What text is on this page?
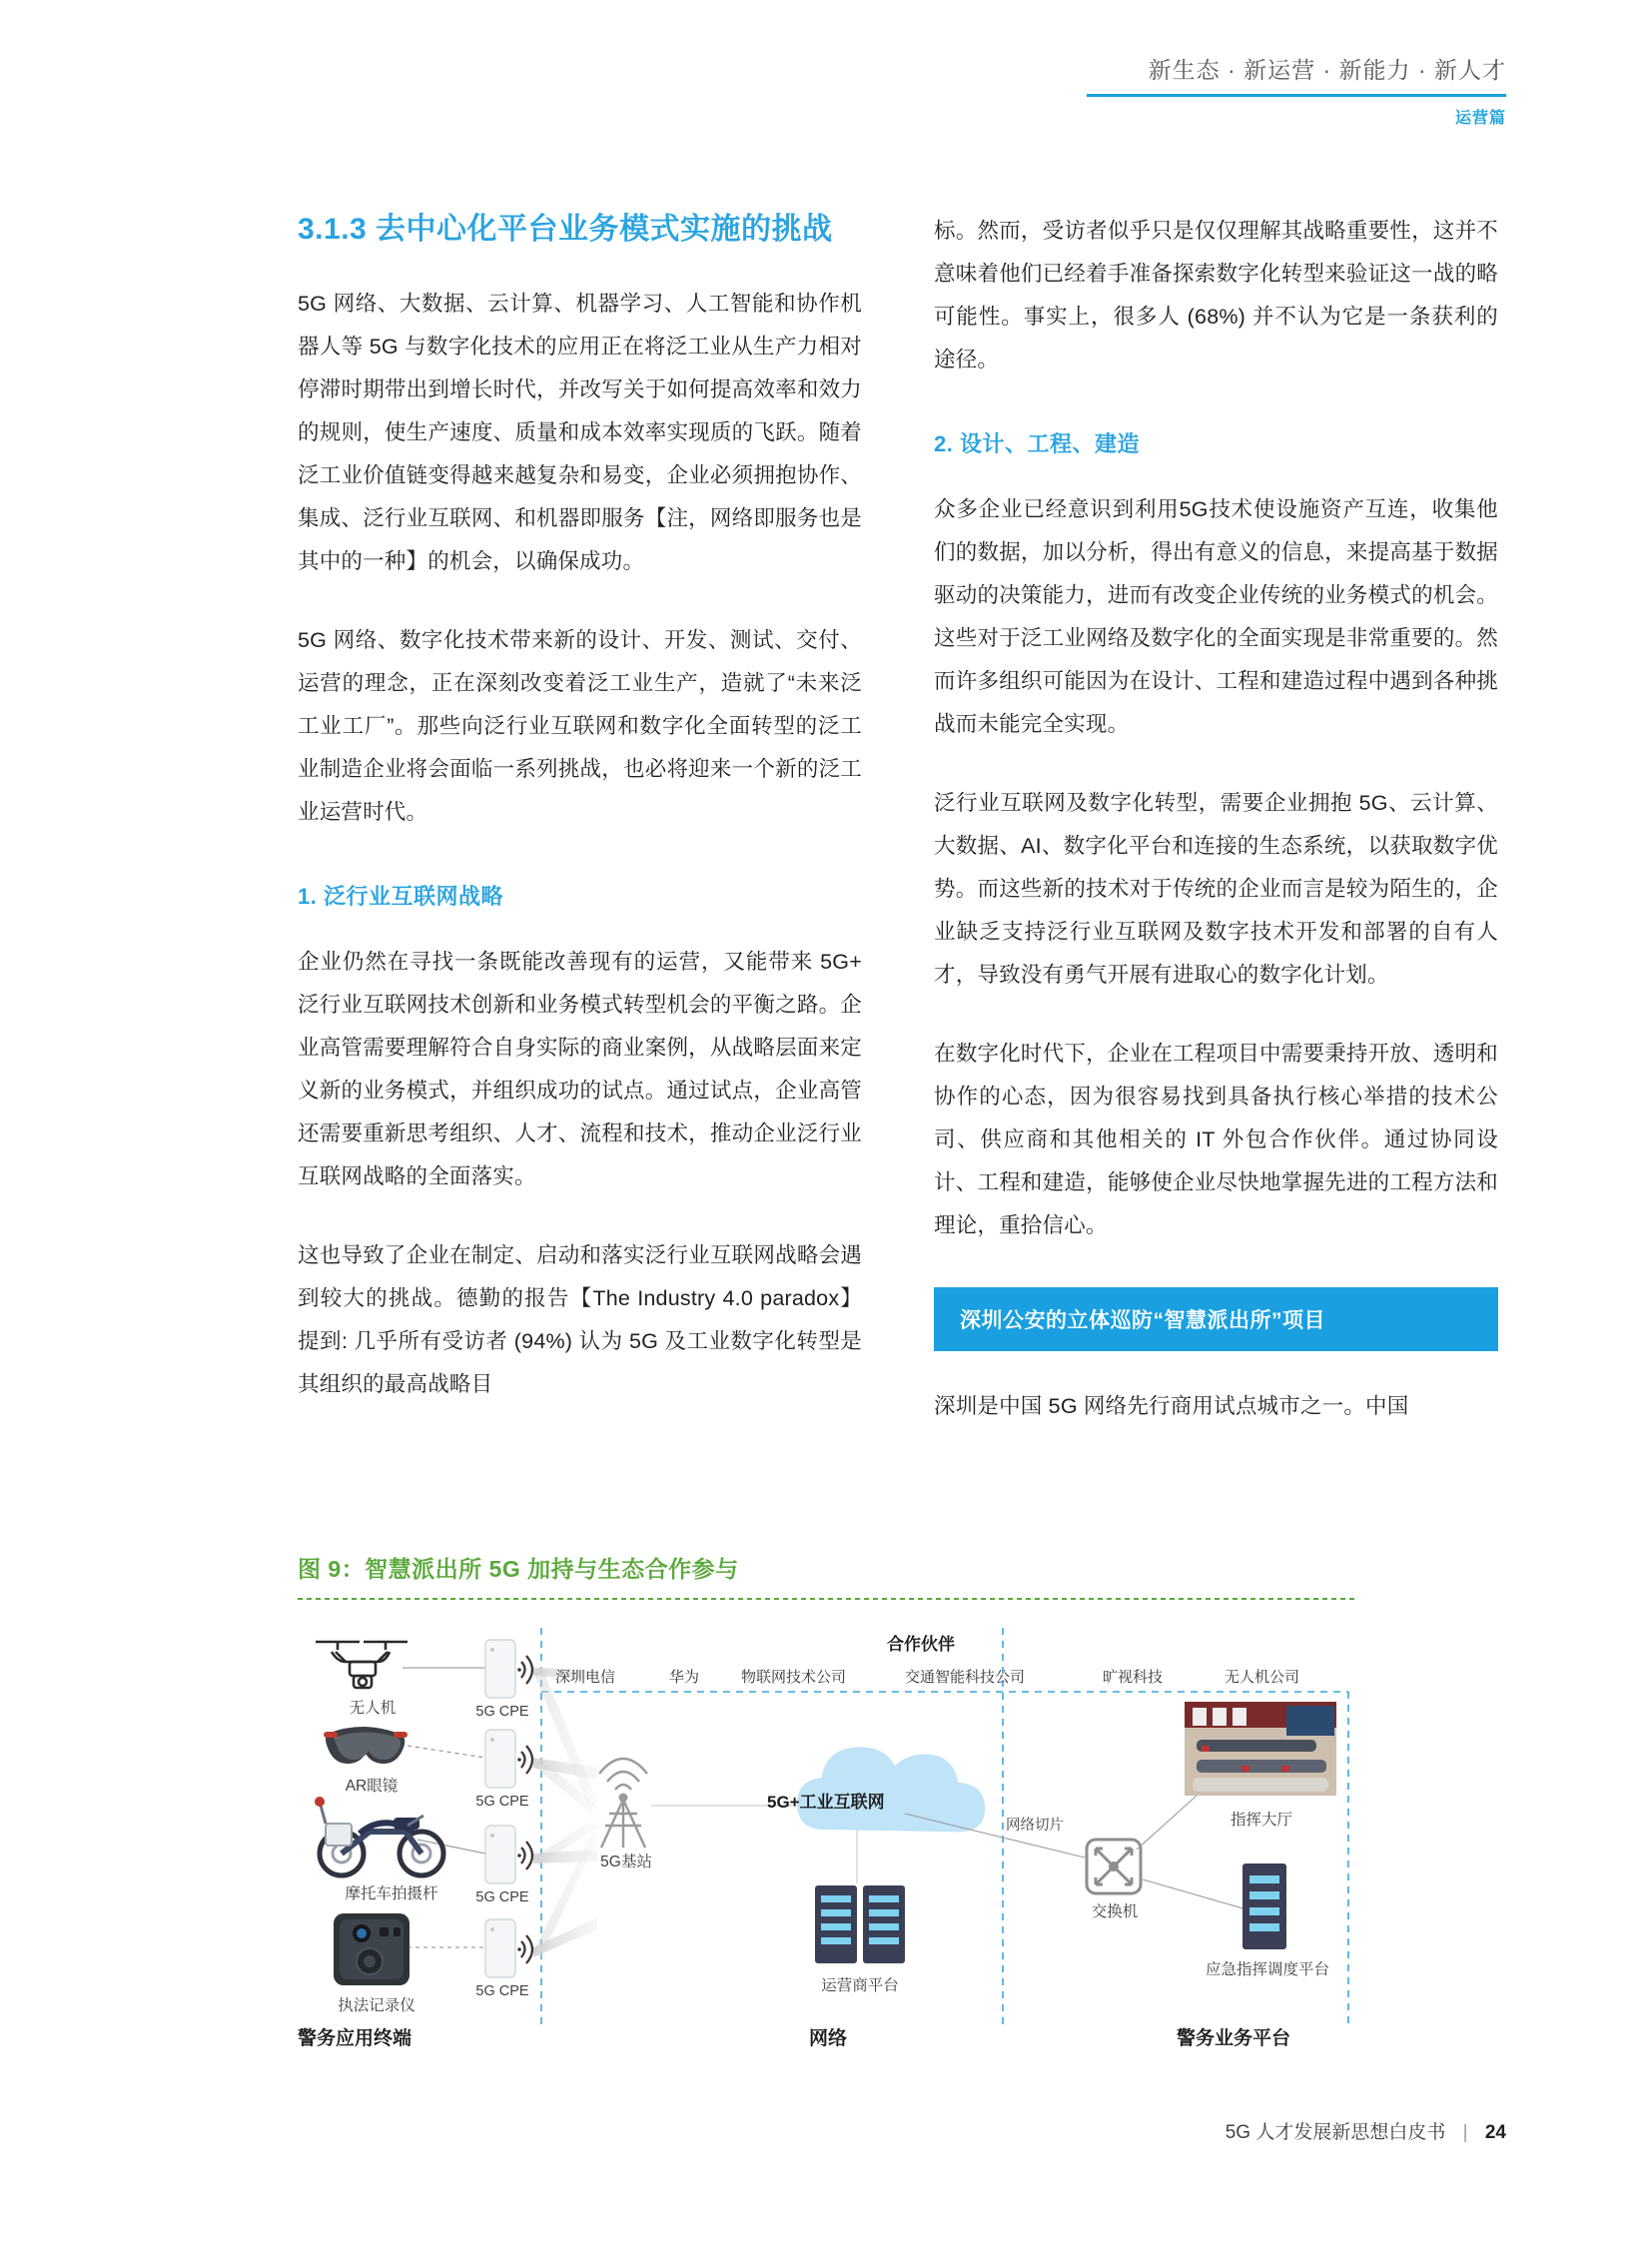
新生态 · 新运营 · 新能力 · 新人才
运营篇
3.1.3 去中心化平台业务模式实施的挑战

5G 网络、大数据、云计算、机器学习、人工智能和协作机器人等 5G 与数字化技术的应用正在将泛工业从生产力相对停滞时期带出到增长时代，并改写关于如何提高效率和效力的规则，使生产速度、质量和成本效率实现质的飞跃。随着泛工业价值链变得越来越复杂和易变，企业必须拥抱协作、集成、泛行业互联网、和机器即服务【注，网络即服务也是其中的一种】的机会，以确保成功。

5G 网络、数字化技术带来新的设计、开发、测试、交付、运营的理念，正在深刻改变着泛工业生产，造就了“未来泛工业工厂”。那些向泛行业互联网和数字化全面转型的泛工业制造企业将会面临一系列挑战，也必将迎来一个新的泛工业运营时代。

1. 泛行业互联网战略

企业仍然在寻找一条既能改善现有的运营，又能带来 5G+ 泛行业互联网技术创新和业务模式转型机会的平衡之路。企业高管需要理解符合自身实际的商业案例，从战略层面来定义新的业务模式，并组织成功的试点。通过试点，企业高管还需要重新思考组织、人才、流程和技术，推动企业泛行业互联网战略的全面落实。

这也导致了企业在制定、启动和落实泛行业互联网战略会遇到较大的挑战。德勤的报告【The Industry 4.0 paradox】提到: 几乎所有受访者 (94%) 认为 5G 及工业数字化转型是其组织的最高战略目

标。然而，受访者似乎只是仅仅理解其战略重要性，这并不意味着他们已经着手准备探索数字化转型来验证这一战的略可能性。事实上，很多人 (68%) 并不认为它是一条获利的途径。

2. 设计、工程、建造

众多企业已经意识到利用5G技术使设施资产互连，收集他们的数据，加以分析，得出有意义的信息，来提高基于数据驱动的决策能力，进而有改变企业传统的业务模式的机会。这些对于泛工业网络及数字化的全面实现是非常重要的。然而许多组织可能因为在设计、工程和建造过程中遇到各种挑战而未能完全实现。

泛行业互联网及数字化转型，需要企业拥抱 5G、云计算、大数据、AI、数字化平台和连接的生态系统，以获取数字优势。而这些新的技术对于传统的企业而言是较为陌生的，企业缺乏支持泛行业互联网及数字技术开发和部署的自有人才，导致没有勇气开展有进取心的数字化计划。

在数字化时代下，企业在工程项目中需要秉持开放、透明和协作的心态，因为很容易找到具备执行核心举措的技术公司、供应商和其他相关的 IT 外包合作伙伴。通过协同设计、工程和建造，能够使企业尽快地掌握先进的工程方法和理论，重拾信心。

深圳公安的立体巡防“智慧派出所”项目

深圳是中国 5G 网络先行商用试点城市之一。中国

图 9：智慧派出所 5G 加持与生态合作参与
无人机
AR眼镜
摩托车拍摄杆
执法记录仪
5G CPE
5G CPE
5G CPE
5G CPE
5G基站
5G+工业互联网
运营商平台
合作伙伴
深圳电信	华为	物联网技术公司	交通智能科技公司	旷视科技	无人机公司
网络切片
交换机
指挥大厅
应急指挥调度平台
警务应用终端	网络	警务业务平台
5G 人才发展新思想白皮书 | 24
